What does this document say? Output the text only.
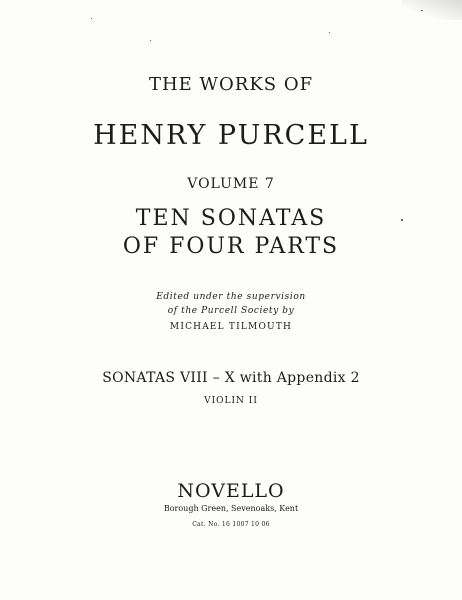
THE WORKS OF
HENRY PURCELL
VOLUME 7
TEN SONATAS
OF FOUR PARTS
Edited under the supervision
of the Purcell Society by
MICHAEL TILMOUTH
SONATAS VIII – X with Appendix 2
VIOLIN II
NOVELLO
Borough Green, Sevenoaks, Kent
Cat. No. 16 1007 10 06
